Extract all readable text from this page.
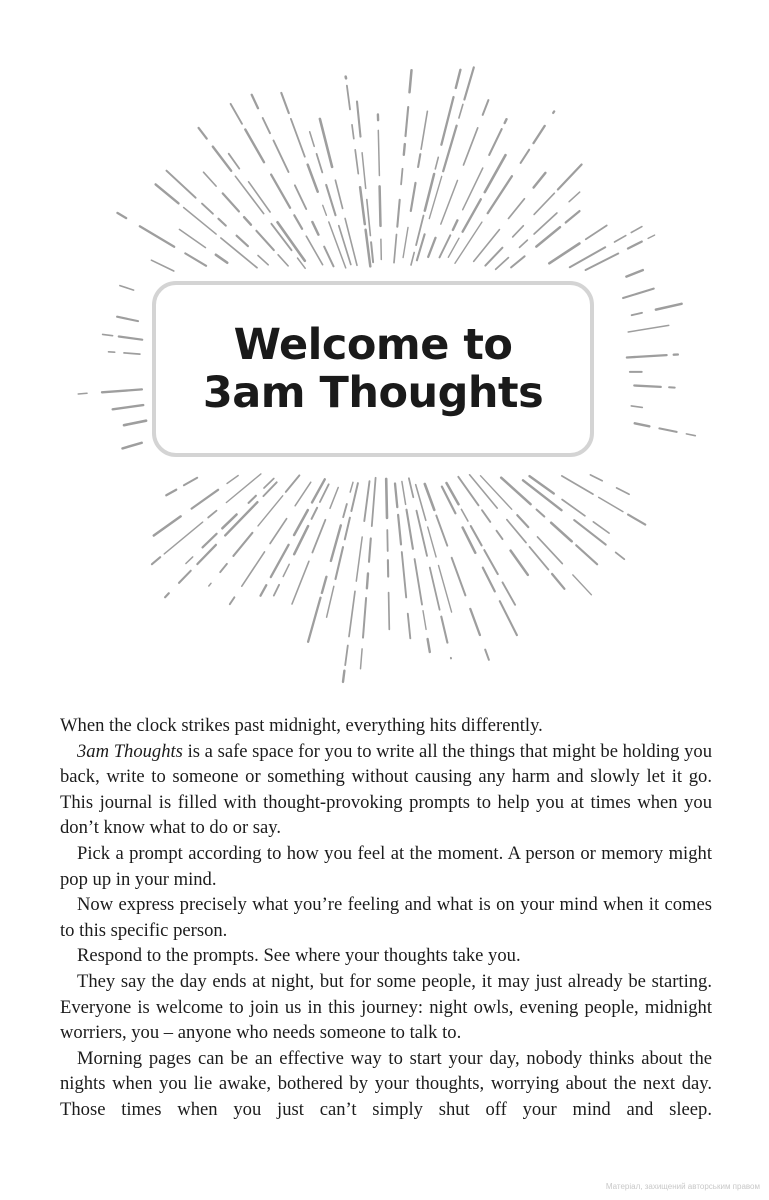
Welcome to
3am Thoughts

When the clock strikes past midnight, everything hits differently.

3am Thoughts is a safe space for you to write all the things that might be holding you back, write to someone or something without causing any harm and slowly let it go. This journal is filled with thought-provoking prompts to help you at times when you don’t know what to do or say.

Pick a prompt according to how you feel at the moment. A person or memory might pop up in your mind.

Now express precisely what you’re feeling and what is on your mind when it comes to this specific person.

Respond to the prompts. See where your thoughts take you.

They say the day ends at night, but for some people, it may just already be starting. Everyone is welcome to join us in this journey: night owls, evening people, midnight worriers, you – anyone who needs someone to talk to.

Morning pages can be an effective way to start your day, nobody thinks about the nights when you lie awake, bothered by your thoughts, worrying about the next day. Those times when you just can’t simply shut off your mind and sleep.

Матеріал, захищений авторським правом
